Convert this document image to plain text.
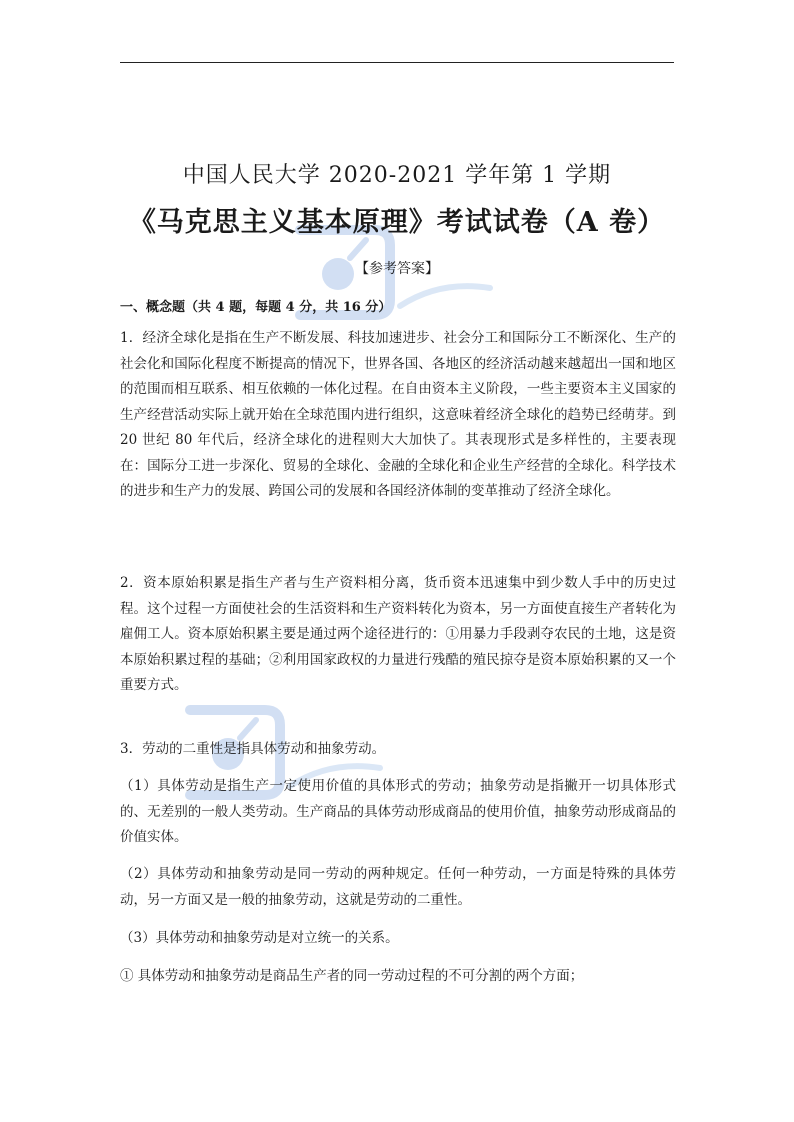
中国人民大学 2020-2021 学年第 1 学期
《马克思主义基本原理》考试试卷（A 卷）
【参考答案】
一、概念题（共 4 题，每题 4 分，共 16 分）
1．经济全球化是指在生产不断发展、科技加速进步、社会分工和国际分工不断深化、生产的社会化和国际化程度不断提高的情况下，世界各国、各地区的经济活动越来越超出一国和地区的范围而相互联系、相互依赖的一体化过程。在自由资本主义阶段，一些主要资本主义国家的生产经营活动实际上就开始在全球范围内进行组织，这意味着经济全球化的趋势已经萌芽。到 20 世纪 80 年代后，经济全球化的进程则大大加快了。其表现形式是多样性的，主要表现在：国际分工进一步深化、贸易的全球化、金融的全球化和企业生产经营的全球化。科学技术的进步和生产力的发展、跨国公司的发展和各国经济体制的变革推动了经济全球化。
2．资本原始积累是指生产者与生产资料相分离，货币资本迅速集中到少数人手中的历史过程。这个过程一方面使社会的生活资料和生产资料转化为资本，另一方面使直接生产者转化为雇佣工人。资本原始积累主要是通过两个途径进行的：①用暴力手段剥夺农民的土地，这是资本原始积累过程的基础；②利用国家政权的力量进行残酷的殖民掠夺是资本原始积累的又一个重要方式。
3．劳动的二重性是指具体劳动和抽象劳动。
（1）具体劳动是指生产一定使用价值的具体形式的劳动；抽象劳动是指撇开一切具体形式的、无差别的一般人类劳动。生产商品的具体劳动形成商品的使用价值，抽象劳动形成商品的价值实体。
（2）具体劳动和抽象劳动是同一劳动的两种规定。任何一种劳动，一方面是特殊的具体劳动，另一方面又是一般的抽象劳动，这就是劳动的二重性。
（3）具体劳动和抽象劳动是对立统一的关系。
① 具体劳动和抽象劳动是商品生产者的同一劳动过程的不可分割的两个方面；
